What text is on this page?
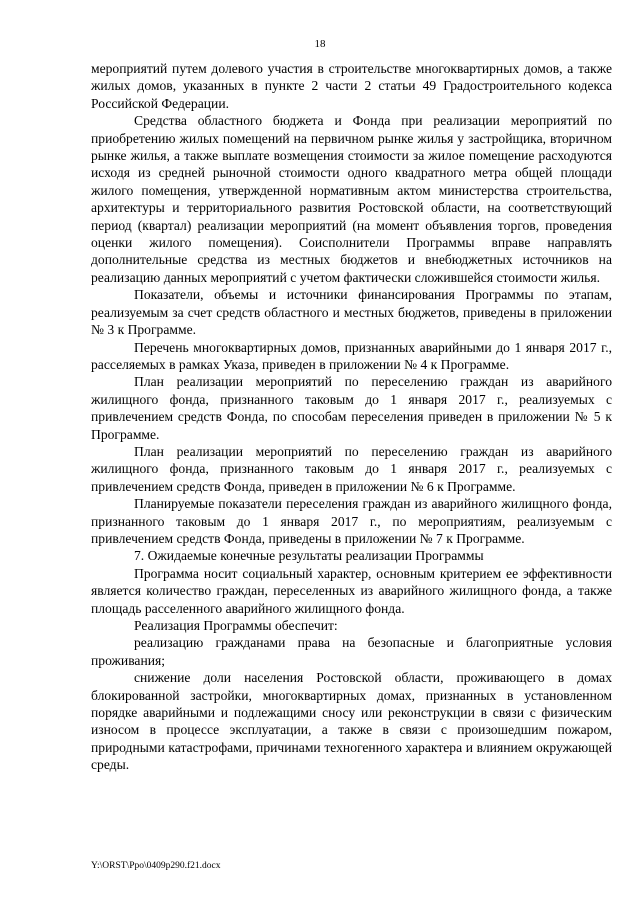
18

мероприятий путем долевого участия в строительстве многоквартирных домов, а также жилых домов, указанных в пункте 2 части 2 статьи 49 Градостроительного кодекса Российской Федерации.

Средства областного бюджета и Фонда при реализации мероприятий по приобретению жилых помещений на первичном рынке жилья у застройщика, вторичном рынке жилья, а также выплате возмещения стоимости за жилое помещение расходуются исходя из средней рыночной стоимости одного квадратного метра общей площади жилого помещения, утвержденной нормативным актом министерства строительства, архитектуры и территориального развития Ростовской области, на соответствующий период (квартал) реализации мероприятий (на момент объявления торгов, проведения оценки жилого помещения). Соисполнители Программы вправе направлять дополнительные средства из местных бюджетов и внебюджетных источников на реализацию данных мероприятий с учетом фактически сложившейся стоимости жилья.

Показатели, объемы и источники финансирования Программы по этапам, реализуемым за счет средств областного и местных бюджетов, приведены в приложении № 3 к Программе.

Перечень многоквартирных домов, признанных аварийными до 1 января 2017 г., расселяемых в рамках Указа, приведен в приложении № 4 к Программе.

План реализации мероприятий по переселению граждан из аварийного жилищного фонда, признанного таковым до 1 января 2017 г., реализуемых с привлечением средств Фонда, по способам переселения приведен в приложении № 5 к Программе.

План реализации мероприятий по переселению граждан из аварийного жилищного фонда, признанного таковым до 1 января 2017 г., реализуемых с привлечением средств Фонда, приведен в приложении № 6 к Программе.

Планируемые показатели переселения граждан из аварийного жилищного фонда, признанного таковым до 1 января 2017 г., по мероприятиям, реализуемым с привлечением средств Фонда, приведены в приложении № 7 к Программе.

7. Ожидаемые конечные результаты реализации Программы

Программа носит социальный характер, основным критерием ее эффективности является количество граждан, переселенных из аварийного жилищного фонда, а также площадь расселенного аварийного жилищного фонда.

Реализация Программы обеспечит:

реализацию гражданами права на безопасные и благоприятные условия проживания;

снижение доли населения Ростовской области, проживающего в домах блокированной застройки, многоквартирных домах, признанных в установленном порядке аварийными и подлежащими сносу или реконструкции в связи с физическим износом в процессе эксплуатации, а также в связи с произошедшим пожаром, природными катастрофами, причинами техногенного характера и влиянием окружающей среды.

Y:\ORST\Ppo\0409p290.f21.docx
